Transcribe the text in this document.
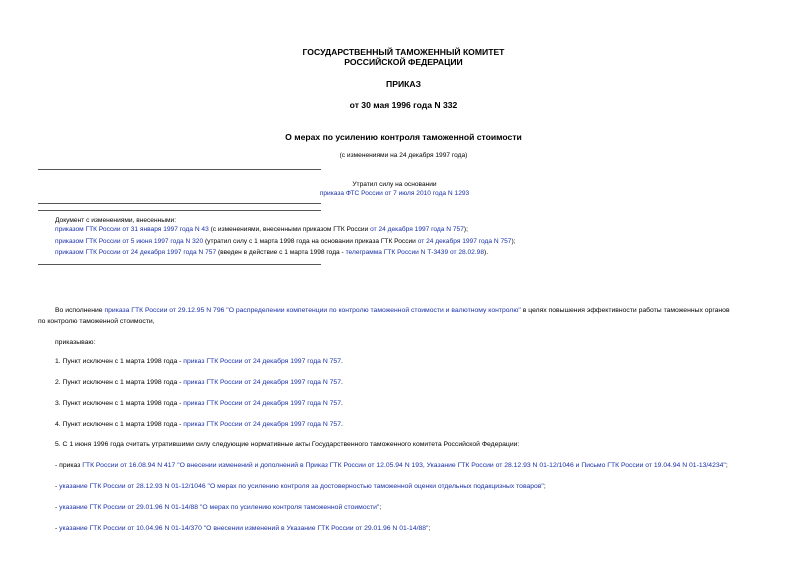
ГОСУДАРСТВЕННЫЙ ТАМОЖЕННЫЙ КОМИТЕТ
РОССИЙСКОЙ ФЕДЕРАЦИИ
ПРИКАЗ
от 30 мая 1996 года N 332
О мерах по усилению контроля таможенной стоимости
(с изменениями на 24 декабря 1997 года)
Утратил силу на основании
приказа ФТС России от 7 июля 2010 года N 1293
Документ с изменениями, внесенными:
приказом ГТК России от 31 января 1997 года N 43 (с изменениями, внесенными приказом ГТК России от 24 декабря 1997 года N 757);
приказом ГТК России от 5 июня 1997 года N 320 (утратил силу с 1 марта 1998 года на основании приказа ГТК России от 24 декабря 1997 года N 757);
приказом ГТК России от 24 декабря 1997 года N 757 (введен в действие с 1 марта 1998 года - телеграмма ГТК России N Т-3439 от 28.02.98).
Во исполнение приказа ГТК России от 29.12.95 N 796 "О распределении компетенции по контролю таможенной стоимости и валютному контролю" в целях повышения эффективности работы таможенных органов
по контролю таможенной стоимости,
приказываю:
1. Пункт исключен с 1 марта 1998 года - приказ ГТК России от 24 декабря 1997 года N 757.
2. Пункт исключен с 1 марта 1998 года - приказ ГТК России от 24 декабря 1997 года N 757.
3. Пункт исключен с 1 марта 1998 года - приказ ГТК России от 24 декабря 1997 года N 757.
4. Пункт исключен с 1 марта 1998 года - приказ ГТК России от 24 декабря 1997 года N 757.
5. С 1 июня 1996 года считать утратившими силу следующие нормативные акты Государственного таможенного комитета Российской Федерации:
- приказ ГТК России от 16.08.94 N 417 "О внесении изменений и дополнений в Приказ ГТК России от 12.05.94 N 193, Указание ГТК России от 28.12.93 N 01-12/1046 и Письмо ГТК России от 19.04.94 N 01-13/4234";
- указание ГТК России от 28.12.93 N 01-12/1046 "О мерах по усилению контроля за достоверностью таможенной оценки отдельных подакцизных товаров";
- указание ГТК России от 29.01.96 N 01-14/88 "О мерах по усилению контроля таможенной стоимости";
- указание ГТК России от 10.04.96 N 01-14/370 "О внесении изменений в Указание ГТК России от 29.01.96 N 01-14/88";
